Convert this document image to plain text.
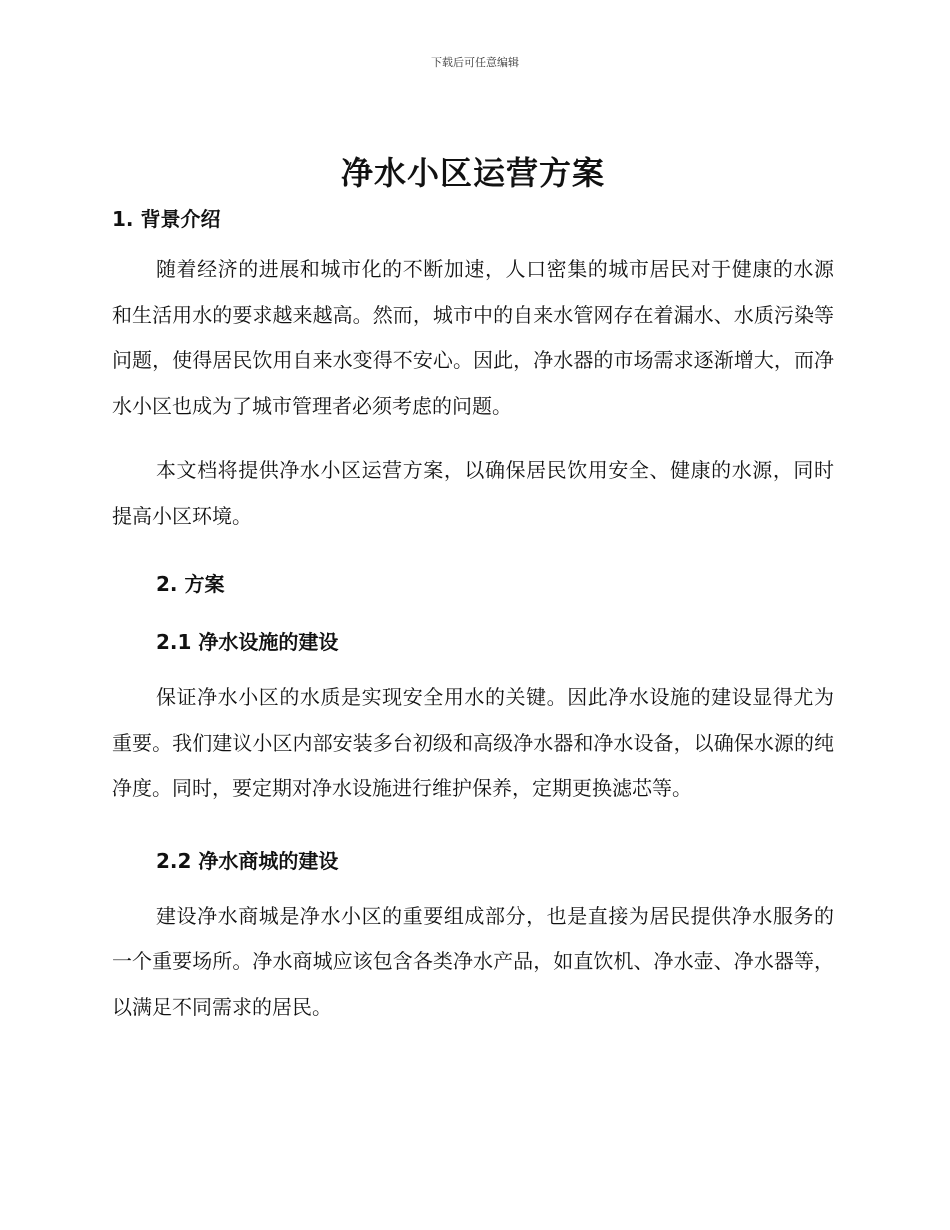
下载后可任意编辑
净水小区运营方案
1. 背景介绍

随着经济的进展和城市化的不断加速，人口密集的城市居民对于健康的水源和生活用水的要求越来越高。然而，城市中的自来水管网存在着漏水、水质污染等问题，使得居民饮用自来水变得不安心。因此，净水器的市场需求逐渐增大，而净水小区也成为了城市管理者必须考虑的问题。

本文档将提供净水小区运营方案，以确保居民饮用安全、健康的水源，同时提高小区环境。

2. 方案
2.1 净水设施的建设

保证净水小区的水质是实现安全用水的关键。因此净水设施的建设显得尤为重要。我们建议小区内部安装多台初级和高级净水器和净水设备，以确保水源的纯净度。同时，要定期对净水设施进行维护保养，定期更换滤芯等。

2.2 净水商城的建设

建设净水商城是净水小区的重要组成部分，也是直接为居民提供净水服务的一个重要场所。净水商城应该包含各类净水产品，如直饮机、净水壶、净水器等，以满足不同需求的居民。
